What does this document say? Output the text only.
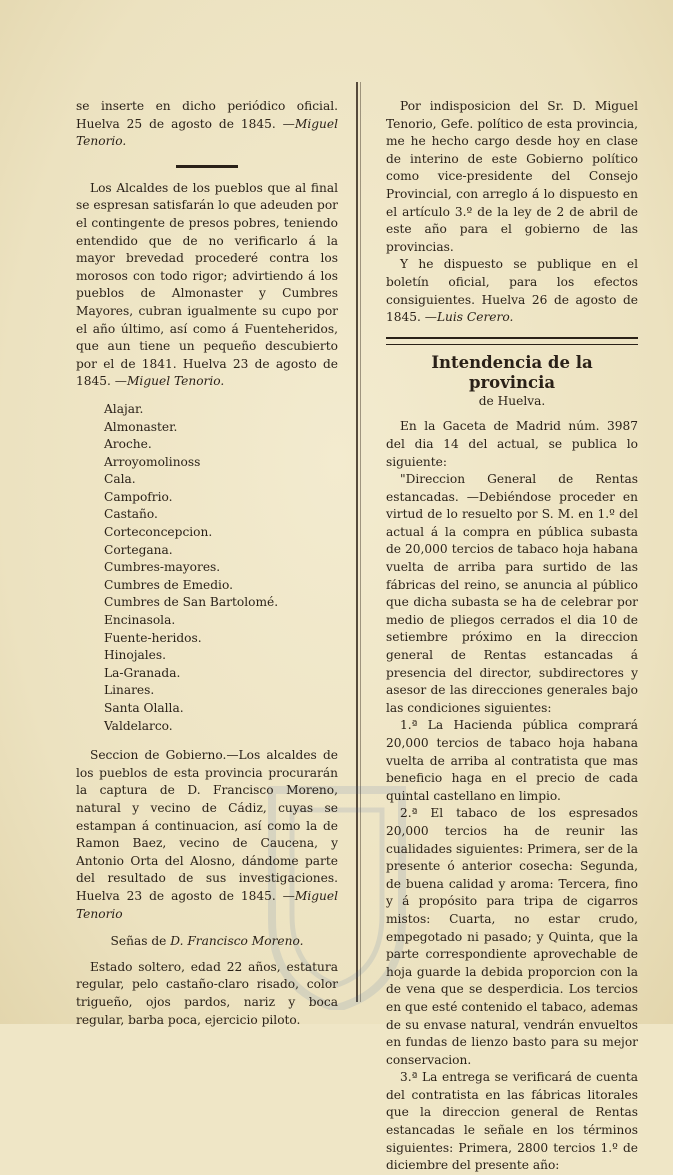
se inserte en dicho periódico oficial. Huelva 25 de agosto de 1845. —Miguel Tenorio.

Los Alcaldes de los pueblos que al final se espresan satisfarán lo que adeuden por el contingente de presos pobres, teniendo entendido que de no verificarlo á la mayor brevedad procederé contra los morosos con todo rigor; advirtiendo á los pueblos de Almonaster y Cumbres Mayores, cubran igualmente su cupo por el año último, así como á Fuenteheridos, que aun tiene un pequeño descubierto por el de 1841. Huelva 23 de agosto de 1845. —Miguel Tenorio.

Alajar.
Almonaster.
Aroche.
Arroyomolinoss
Cala.
Campofrio.
Castaño.
Corteconcepcion.
Cortegana.
Cumbres-mayores.
Cumbres de Emedio.
Cumbres de San Bartolomé.
Encinasola.
Fuente-heridos.
Hinojales.
La-Granada.
Linares.
Santa Olalla.
Valdelarco.

Seccion de Gobierno.—Los alcaldes de los pueblos de esta provincia procurarán la captura de D. Francisco Moreno, natural y vecino de Cádiz, cuyas se estampan á continuacion, así como la de Ramon Baez, vecino de Caucena, y Antonio Orta del Alosno, dándome parte del resultado de sus investigaciones. Huelva 23 de agosto de 1845. —Miguel Tenorio

Señas de D. Francisco Moreno.

Estado soltero, edad 22 años, estatura regular, pelo castaño-claro risado, color trigueño, ojos pardos, nariz y boca regular, barba poca, ejercicio piloto.

Por indisposicion del Sr. D. Miguel Tenorio, Gefe. político de esta provincia, me he hecho cargo desde hoy en clase de interino de este Gobierno político como vice-presidente del Consejo Provincial, con arreglo á lo dispuesto en el artículo 3.º de la ley de 2 de abril de este año para el gobierno de las provincias.

Y he dispuesto se publique en el boletín oficial, para los efectos consiguientes. Huelva 26 de agosto de 1845. —Luis Cerero.

Intendencia de la provincia
de Huelva.

En la Gaceta de Madrid núm. 3987 del dia 14 del actual, se publica lo siguiente:

"Direccion General de Rentas estancadas. —Debiéndose proceder en virtud de lo resuelto por S. M. en 1.º del actual á la compra en pública subasta de 20,000 tercios de tabaco hoja habana vuelta de arriba para surtido de las fábricas del reino, se anuncia al público que dicha subasta se ha de celebrar por medio de pliegos cerrados el dia 10 de setiembre próximo en la direccion general de Rentas estancadas á presencia del director, subdirectores y asesor de las direcciones generales bajo las condiciones siguientes:

1.ª La Hacienda pública comprará 20,000 tercios de tabaco hoja habana vuelta de arriba al contratista que mas beneficio haga en el precio de cada quintal castellano en limpio.

2.ª El tabaco de los espresados 20,000 tercios ha de reunir las cualidades siguientes: Primera, ser de la presente ó anterior cosecha: Segunda, de buena calidad y aroma: Tercera, fino y á propósito para tripa de cigarros mistos: Cuarta, no estar crudo, empegotado ni pasado; y Quinta, que la parte correspondiente aprovechable de hoja guarde la debida proporcion con la de vena que se desperdicia. Los tercios en que esté contenido el tabaco, ademas de su envase natural, vendrán envueltos en fundas de lienzo basto para su mejor conservacion.

3.ª La entrega se verificará de cuenta del contratista en las fábricas litorales que la direccion general de Rentas estancadas le señale en los términos siguientes: Primera, 2800 tercios 1.º de diciembre del presente año:
